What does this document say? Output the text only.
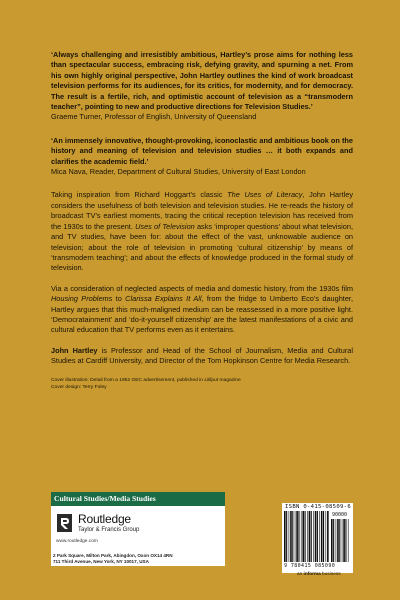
‘Always challenging and irresistibly ambitious, Hartley’s prose aims for nothing less than spectacular success, embracing risk, defying gravity, and spurning a net. From his own highly original perspective, John Hartley outlines the kind of work broadcast television performs for its audiences, for its critics, for modernity, and for democracy. The result is a fertile, rich, and optimistic account of television as a “transmodern teacher”, pointing to new and productive directions for Television Studies.’

Graeme Turner, Professor of English, University of Queensland

‘An immensely innovative, thought-provoking, iconoclastic and ambitious book on the history and meaning of television and television studies … it both expands and clarifies the academic field.’

Mica Nava, Reader, Department of Cultural Studies, University of East London

Taking inspiration from Richard Hoggart’s classic The Uses of Literacy, John Hartley considers the usefulness of both television and television studies. He re-reads the history of broadcast TV’s earliest moments, tracing the critical reception television has received from the 1930s to the present. Uses of Television asks ‘improper questions’ about what television, and TV studies, have been for: about the effect of the vast, unknowable audience on television; about the role of television in promoting ‘cultural citizenship’ by means of ‘transmodern teaching’; and about the effects of knowledge produced in the formal study of television.

Via a consideration of neglected aspects of media and domestic history, from the 1930s film Housing Problems to Clarissa Explains It All, from the fridge to Umberto Eco’s daughter, Hartley argues that this much-maligned medium can be reassessed in a more positive light. ‘Democratainment’ and ‘do-it-yourself citizenship’ are the latest manifestations of a civic and cultural education that TV performs even as it entertains.

John Hartley is Professor and Head of the School of Journalism, Media and Cultural Studies at Cardiff University, and Director of the Tom Hopkinson Centre for Media Research.

Cover illustration: Detail from a 1952 GEC advertisement, published in Lilliput magazine

Cover design: Terry Foley

Cultural Studies/Media Studies
Routledge
Taylor & Francis Group
www.routledge.com
2 Park Square, Milton Park, Abingdon, Oxon OX14 4RN
711 Third Avenue, New York, NY 10017, USA
ISBN 0-415-08509-6
90000
9 780415 085090
an informa business
